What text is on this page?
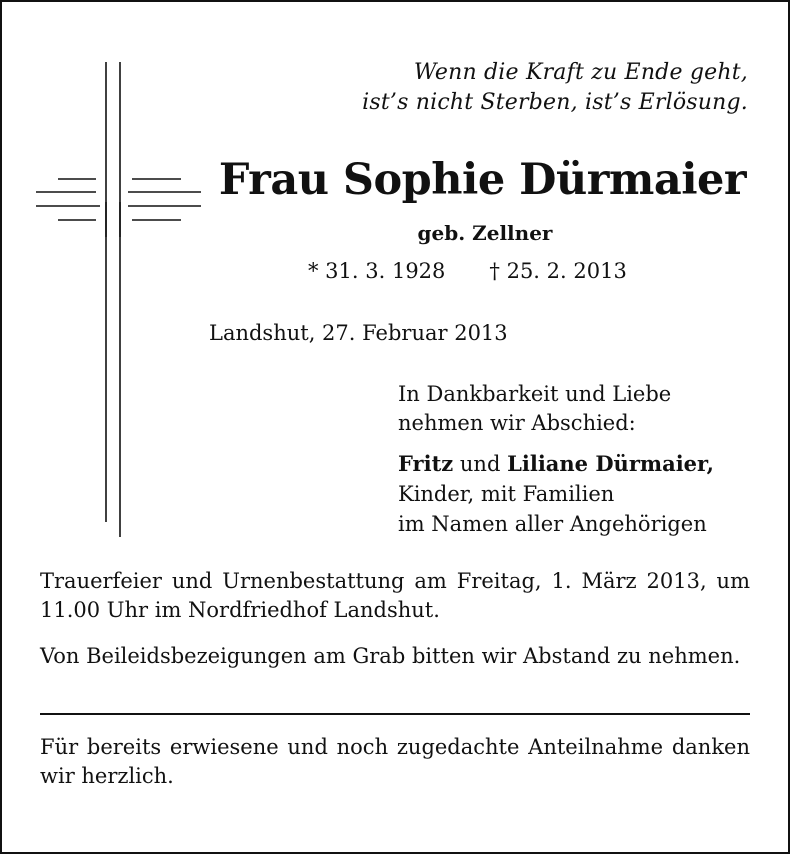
Wenn die Kraft zu Ende geht,
ist’s nicht Sterben, ist’s Erlösung.
Frau Sophie Dürmaier
geb. Zellner
* 31. 3. 1928 † 25. 2. 2013
Landshut, 27. Februar 2013
In Dankbarkeit und Liebe
nehmen wir Abschied:
Fritz und Liliane Dürmaier,
Kinder, mit Familien
im Namen aller Angehörigen
Trauerfeier und Urnenbestattung am Freitag, 1. März 2013, um 11.00 Uhr im Nordfriedhof Landshut.
Von Beileidsbezeigungen am Grab bitten wir Abstand zu nehmen.
Für bereits erwiesene und noch zugedachte Anteilnahme danken wir herzlich.
